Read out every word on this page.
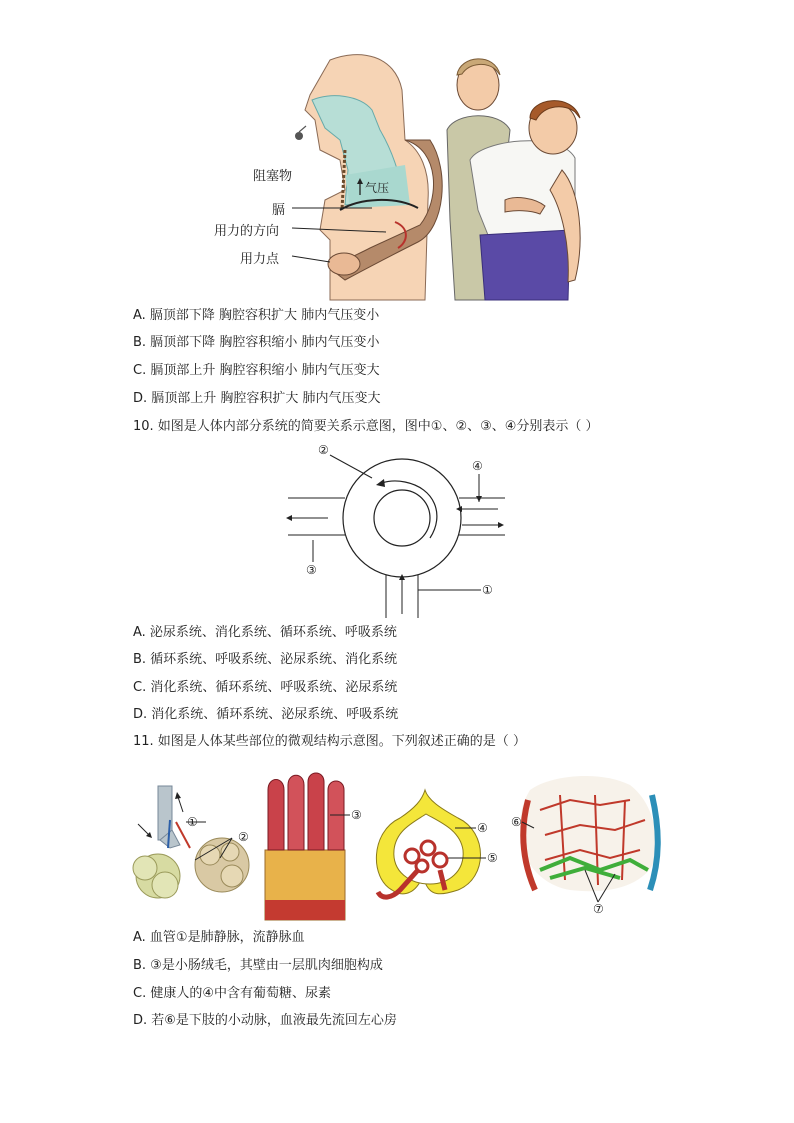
阻塞物
气压
膈
用力的方向
用力点
A. 膈顶部下降 胸腔容积扩大 肺内气压变小
B. 膈顶部下降 胸腔容积缩小 肺内气压变小
C. 膈顶部上升 胸腔容积缩小 肺内气压变大
D. 膈顶部上升 胸腔容积扩大 肺内气压变大
10. 如图是人体内部分系统的简要关系示意图，图中①、②、③、④分别表示（ ）
②
④
③
①
A. 泌尿系统、消化系统、循环系统、呼吸系统
B. 循环系统、呼吸系统、泌尿系统、消化系统
C. 消化系统、循环系统、呼吸系统、泌尿系统
D. 消化系统、循环系统、泌尿系统、呼吸系统
11. 如图是人体某些部位的微观结构示意图。下列叙述正确的是（ ）
①
②
③
④
⑤
⑥
⑦
A. 血管①是肺静脉，流静脉血
B. ③是小肠绒毛，其壁由一层肌肉细胞构成
C. 健康人的④中含有葡萄糖、尿素
D. 若⑥是下肢的小动脉，血液最先流回左心房
